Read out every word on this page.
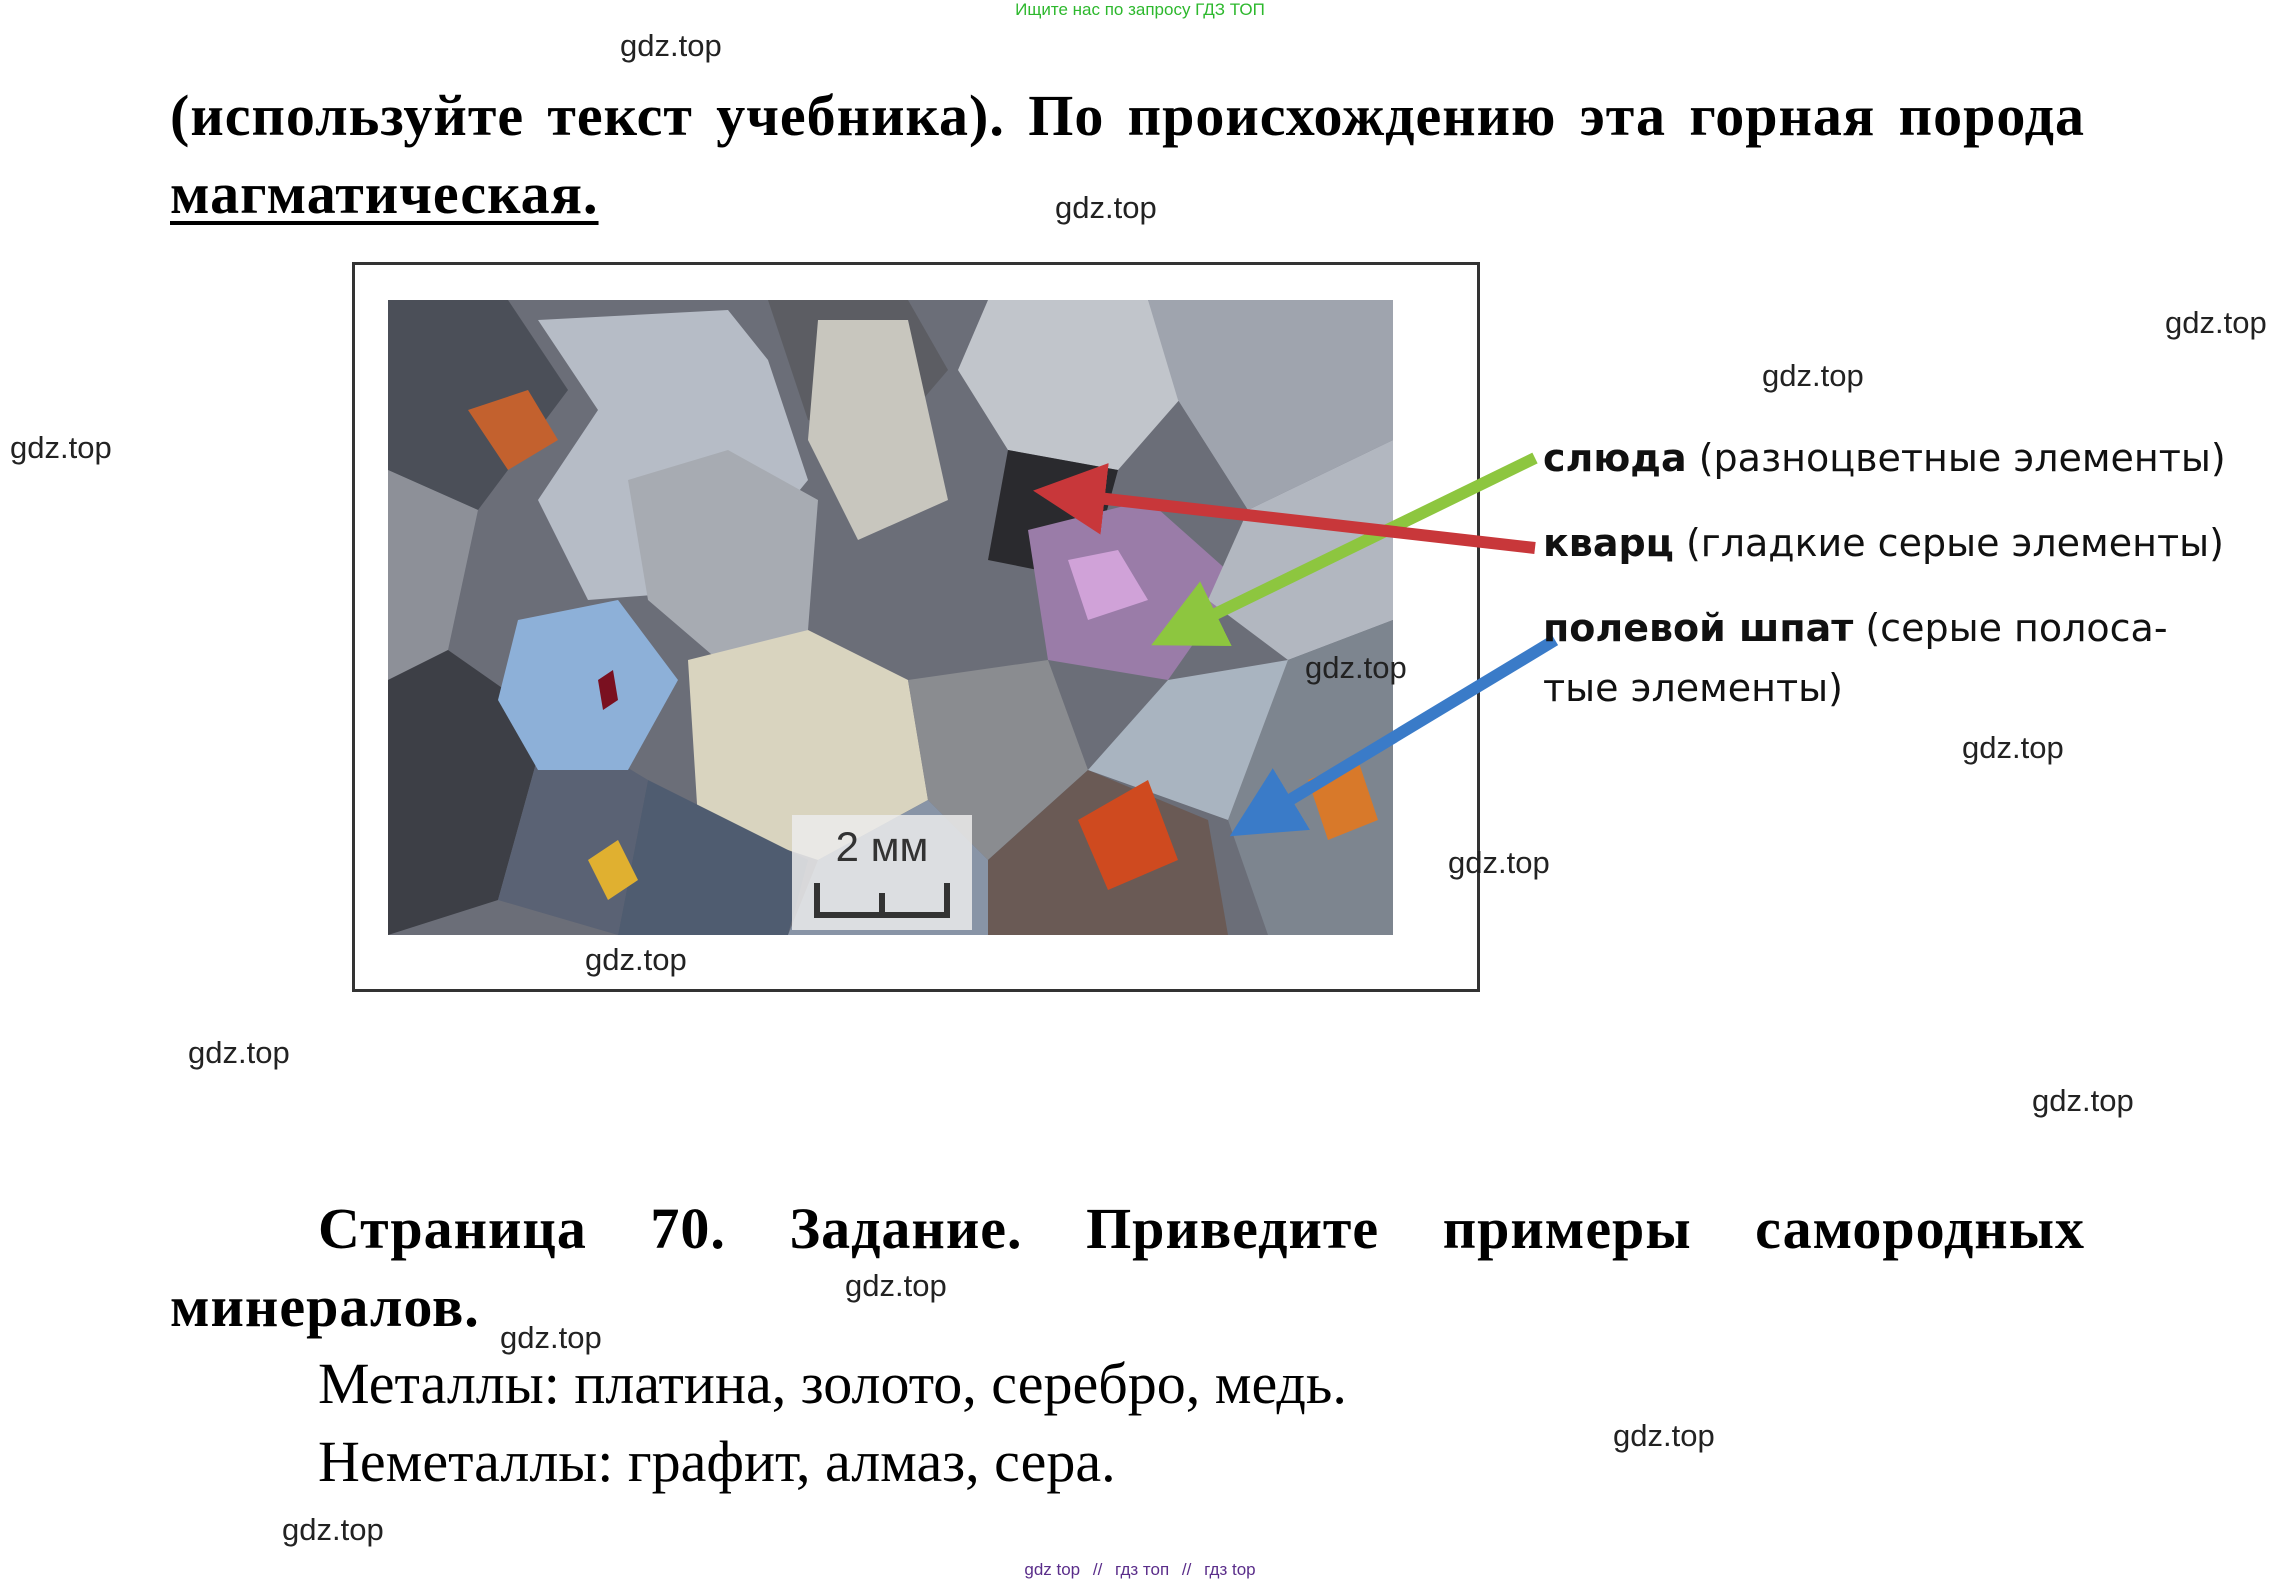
Ищите нас по запросу ГДЗ ТОП
(используйте текст учебника). По происхождению эта горная порода
магматическая.
2 мм
слюда (разноцветные элементы)
кварц (гладкие серые элементы)
полевой шпат (серые полоса-
тые элементы)
Страница 70. Задание. Приведите примеры самородных
минералов.
Металлы: платина, золото, серебро, медь.
Неметаллы: графит, алмаз, сера.
gdz.top
gdz.top
gdz.top
gdz.top
gdz.top
gdz.top
gdz.top
gdz.top
gdz.top
gdz.top
gdz.top
gdz.top
gdz.top
gdz.top
gdz.top
gdz top // гдз топ // гдз top
